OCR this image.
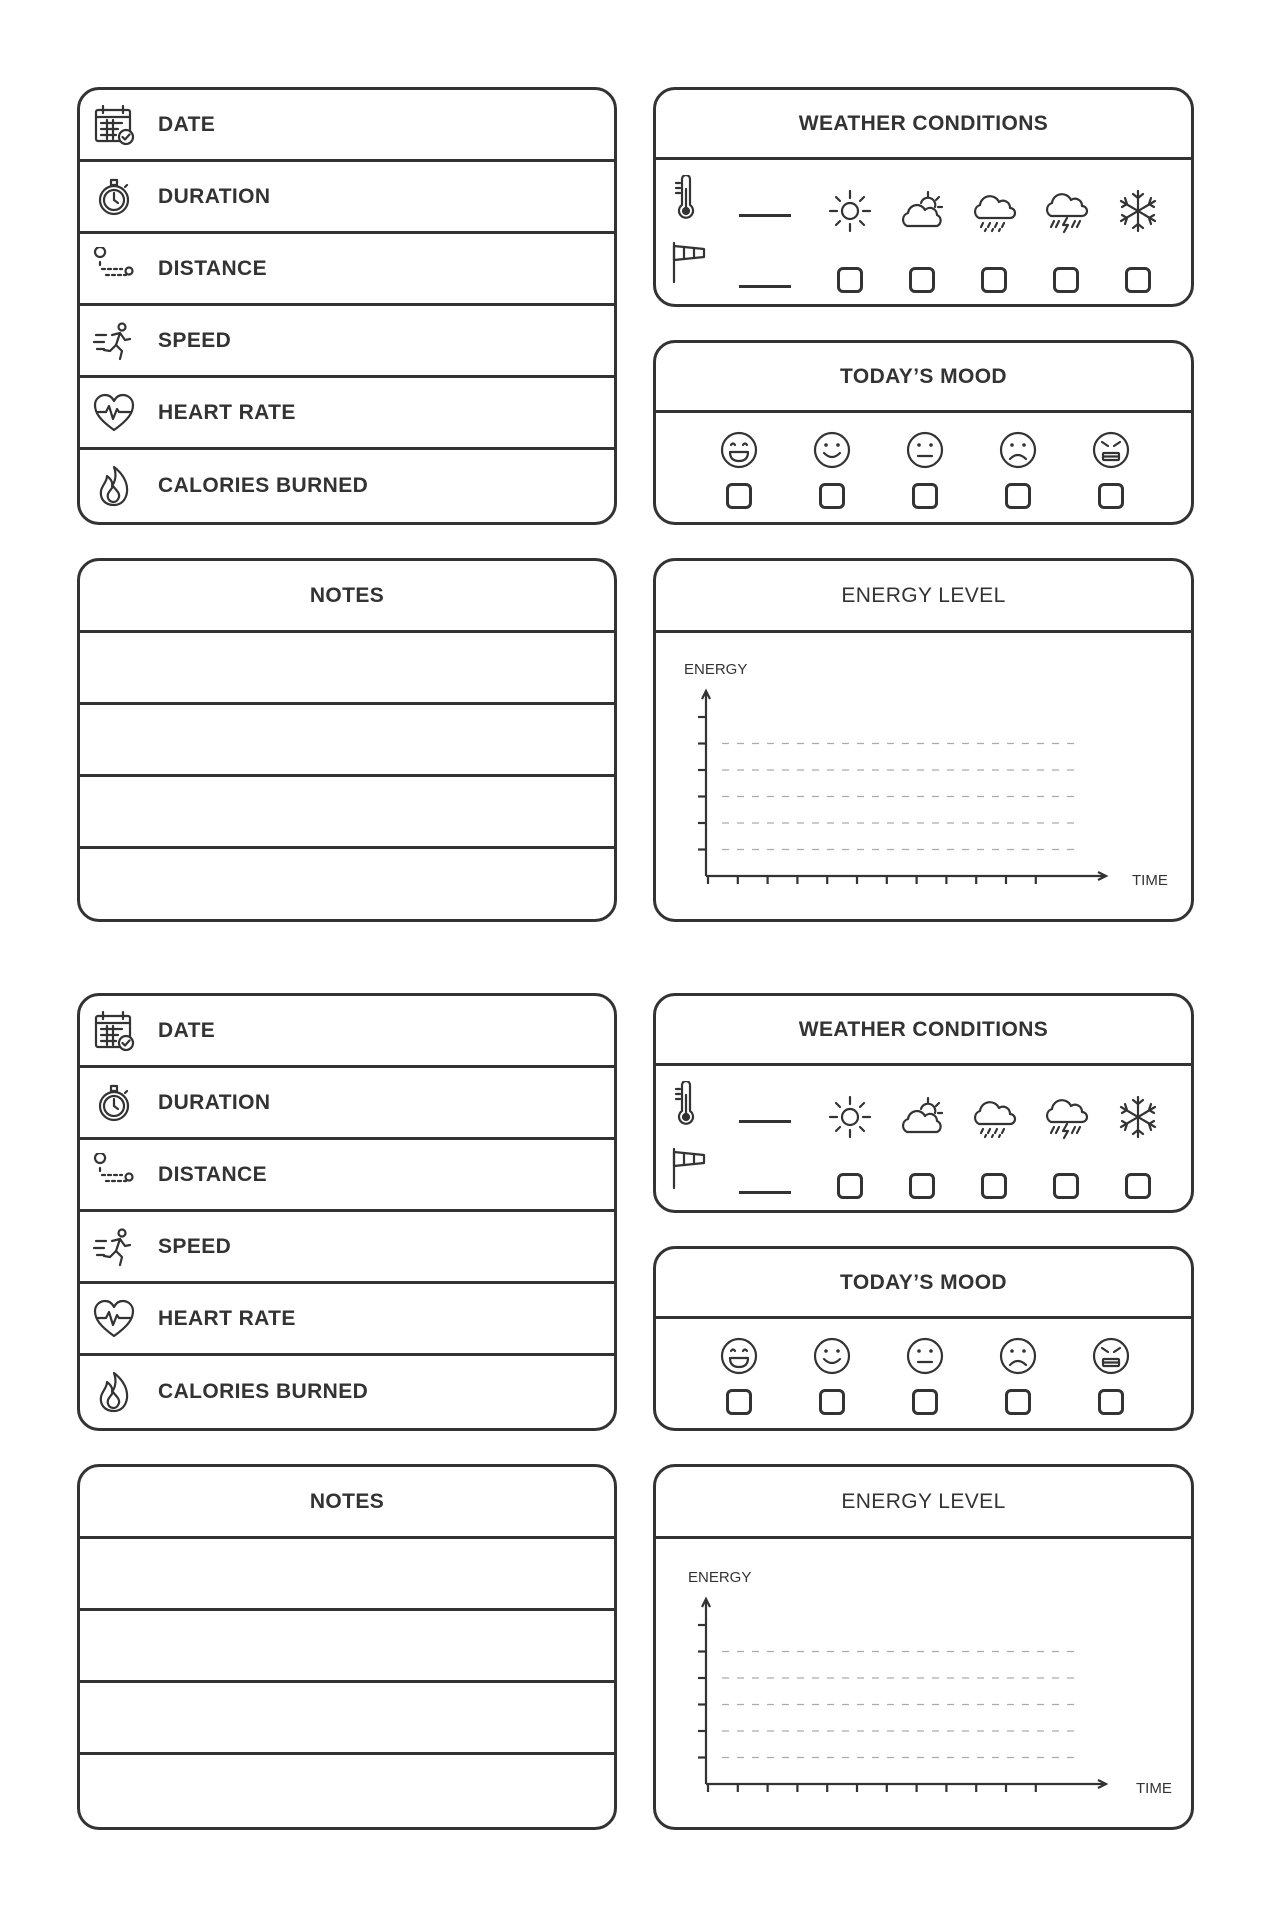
DATE
DURATION
DISTANCE
SPEED
HEART RATE
CALORIES BURNED
WEATHER CONDITIONS
TODAY’S MOOD
NOTES	ENERGY LEVEL
ENERGY
TIME
DATE
DURATION
DISTANCE
SPEED
HEART RATE
CALORIES BURNED
WEATHER CONDITIONS
TODAY’S MOOD
NOTES	ENERGY LEVEL
ENERGY
TIME
